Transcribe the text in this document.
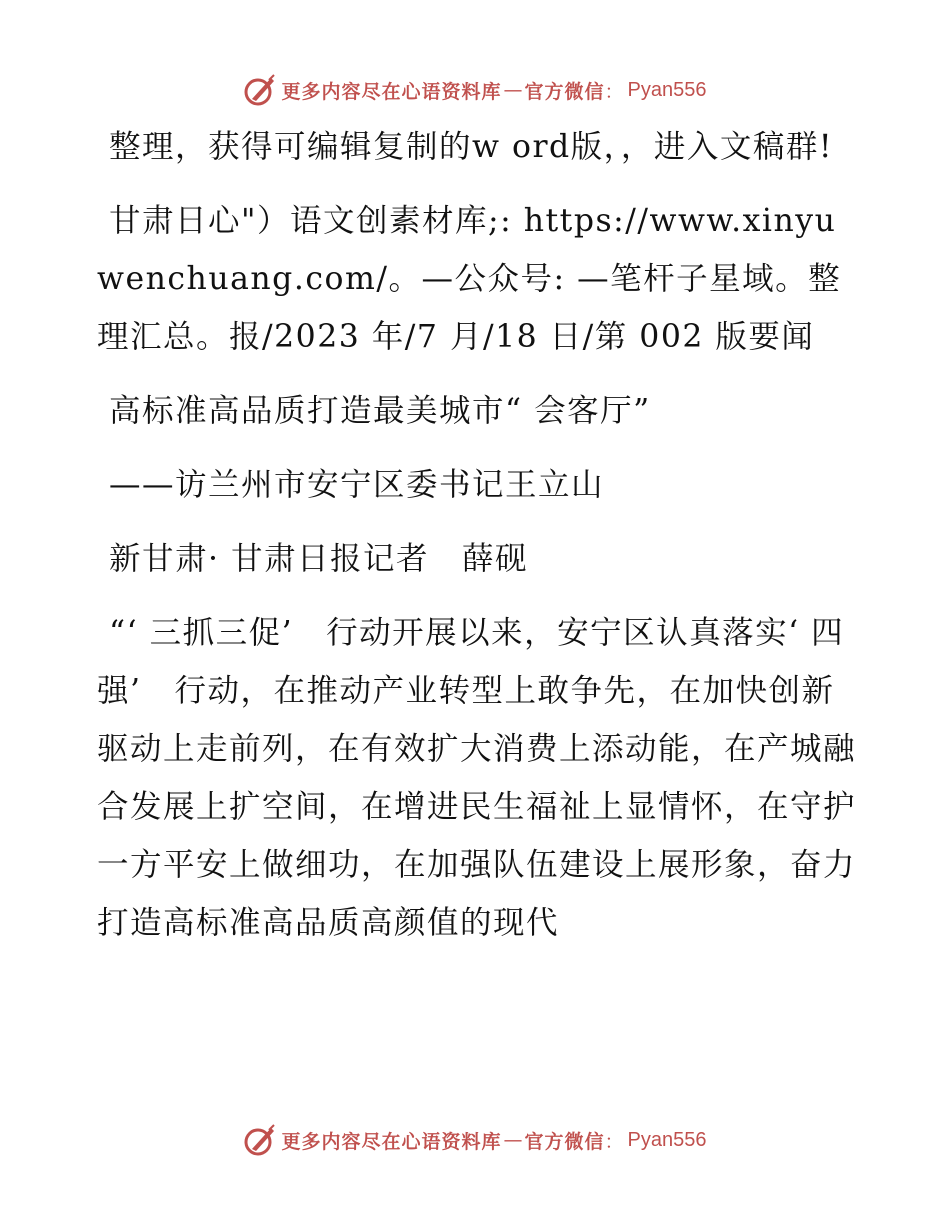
更多内容尽在心语资料库 — 官方微信 ： Pyan556

整理，获得可编辑复制的w ord版，，进入文稿群!

甘肃日心"）语文创素材库;: https://www.xinyuwenchuang.com/。—公众号: —笔杆子星域。整理汇总。报/2023 年/7 月/18 日/第 002 版要闻

高标准高品质打造最美城市“ 会客厅”

——访兰州市安宁区委书记王立山

新甘肃· 甘肃日报记者　薛砚

“‘ 三抓三促’　行动开展以来，安宁区认真落实‘ 四强’　行动，在推动产业转型上敢争先，在加快创新驱动上走前列，在有效扩大消费上添动能，在产城融合发展上扩空间，在增进民生福祉上显情怀，在守护一方平安上做细功，在加强队伍建设上展形象，奋力打造高标准高品质高颜值的现代

更多内容尽在心语资料库 — 官方微信 ： Pyan556
